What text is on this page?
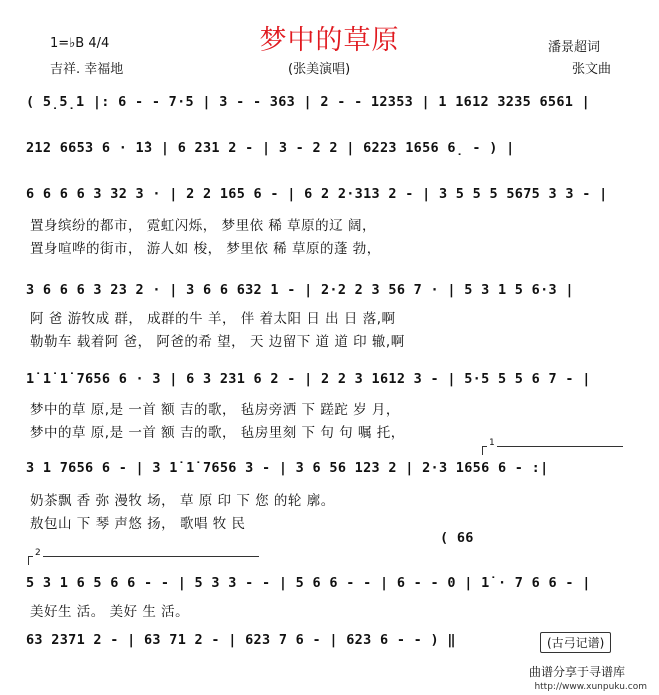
1=♭B 4/4	梦中的草原
(张美演唱)
吉祥. 幸福地
潘景超词
张文曲
( 5̣5̣1 |: 6 - - 7·5 | 3 - - 363 | 2 - - 12353 | 1 1612 3235 6561 |
212 6653 6 · 1̇3 | 6 231 2 - | 3 - 2 2 | 6223 1656 6̣ - ) |
6 6 6 6 3 32 3 · | 2 2 165 6 - | 6 2 2·313 2 - | 3 5 5 5 5675 3 3 - |
置身缤纷的都市， 霓虹闪烁， 梦里依 稀 草原的辽 阔，
置身喧哗的街市， 游人如 梭， 梦里依 稀 草原的蓬 勃，
3 6 6 6 3 23 2 · | 3 6 6 632 1 - | 2·2 2 3 56 7 · | 5 3 1 5 6·3 |
阿 爸 游牧成 群， 成群的牛 羊， 伴 着太阳 日 出 日 落,啊
勒勒车 载着阿 爸， 阿爸的希 望， 天 边留下 道 道 印 辙,啊
1̇ 1̇ 1̇ 7656 6 · 3 | 6 3 231 6 2 - | 2 2 3 1612 3 - | 5·5 5 5 6 7 - |
梦中的草 原,是 一首 额 吉的歌， 毡房旁洒 下 蹉跎 岁 月，
梦中的草 原,是 一首 额 吉的歌， 毡房里刻 下 句 句 嘱 托，
1
3 1 7656 6 - | 3 1̇ 1̇ 7656 3 - | 3 6 56 123 2 | 2·3 1656 6 - :|
奶茶飘 香 弥 漫牧 场， 草 原 印 下 您 的轮 廓。
敖包山 下 琴 声悠 扬， 歌唱 牧 民
( 66
2
5 3 1 6 5 6 6 - - | 5 3 3 - - | 5 6 6 - - | 6 - - 0 | 1̇ · 7 6 6 - |
美好生 活。 美好 生 活。
63 2371 2 - | 63 71 2 - | 623 7 6 - | 623 6 - - ) ‖	(古弓记谱)
曲谱分享于寻谱库
http://www.xunpuku.com
